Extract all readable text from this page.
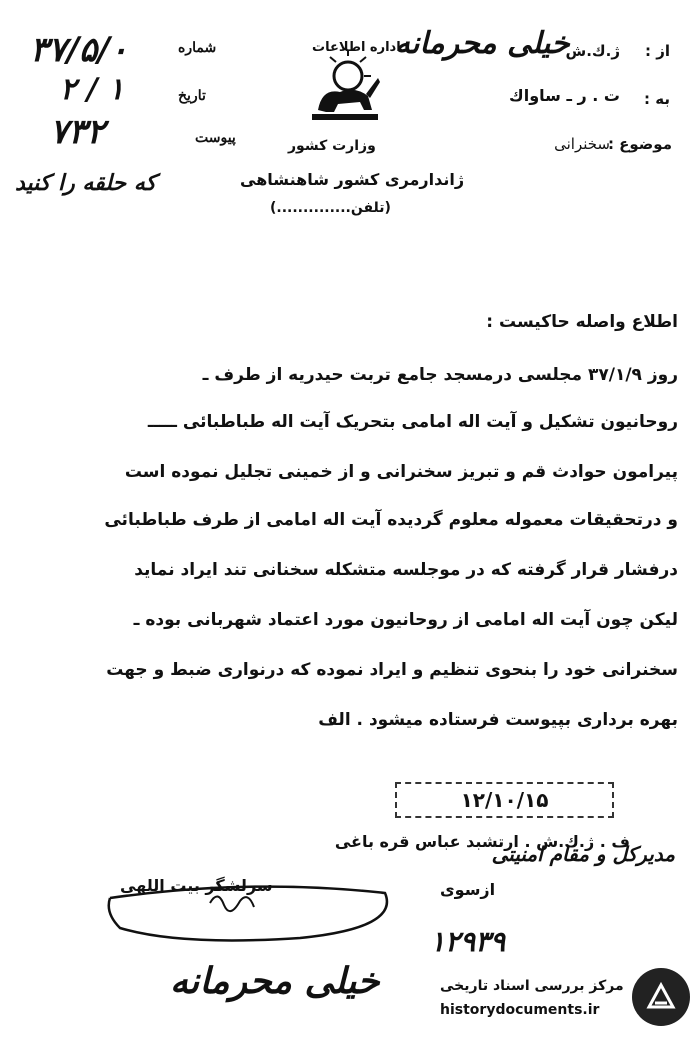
شماره
۳۷/۵/۰
تاریخ
۲ / ۱
پیوست
۷۳۲
که حلقه را کنید
خیلی محرمانه
اداره اطلاعات	از :
ژ.ك.ش
به :
ت . ر ـ ساواك
موضوع :
سخنرانی
وزارت کشور
ژاندارمری کشور شاهنشاهی
(تلفن..............)
اطلاع واصله حاکیست :
روز ۳۷/۱/۹ مجلسی درمسجد جامع تربت حیدریه از طرف ـ
روحانیون تشکیل و آیت اله امامی بتحریک آیت اله طباطبائی ـــــ
پیرامون حوادث قم و تبریز سخنرانی و از خمینی تجلیل نموده است
و درتحقیقات معموله معلوم گردیده آیت اله امامی از طرف طباطبائی
درفشار قرار گرفته که در موجلسه متشکله سخنانی تند ایراد نماید
لیکن چون آیت اله امامی از روحانیون مورد اعتماد شهربانی بوده ـ
سخنرانی خود را بنحوی تنظیم و ایراد نموده که درنواری ضبط و جهت
بهره برداری بپیوست فرستاده میشود . الف
۱۲/۱۰/۱۵
ف . ژ.ك.ش . ارتشبد عباس قره باغی
سرلشگر بیت اللهی	ازسوی
مدیرکل و مقام امنیتی
۱۲۹۳۹
خیلی محرمانه	مرکز بررسی اسناد تاریخی
historydocuments.ir
